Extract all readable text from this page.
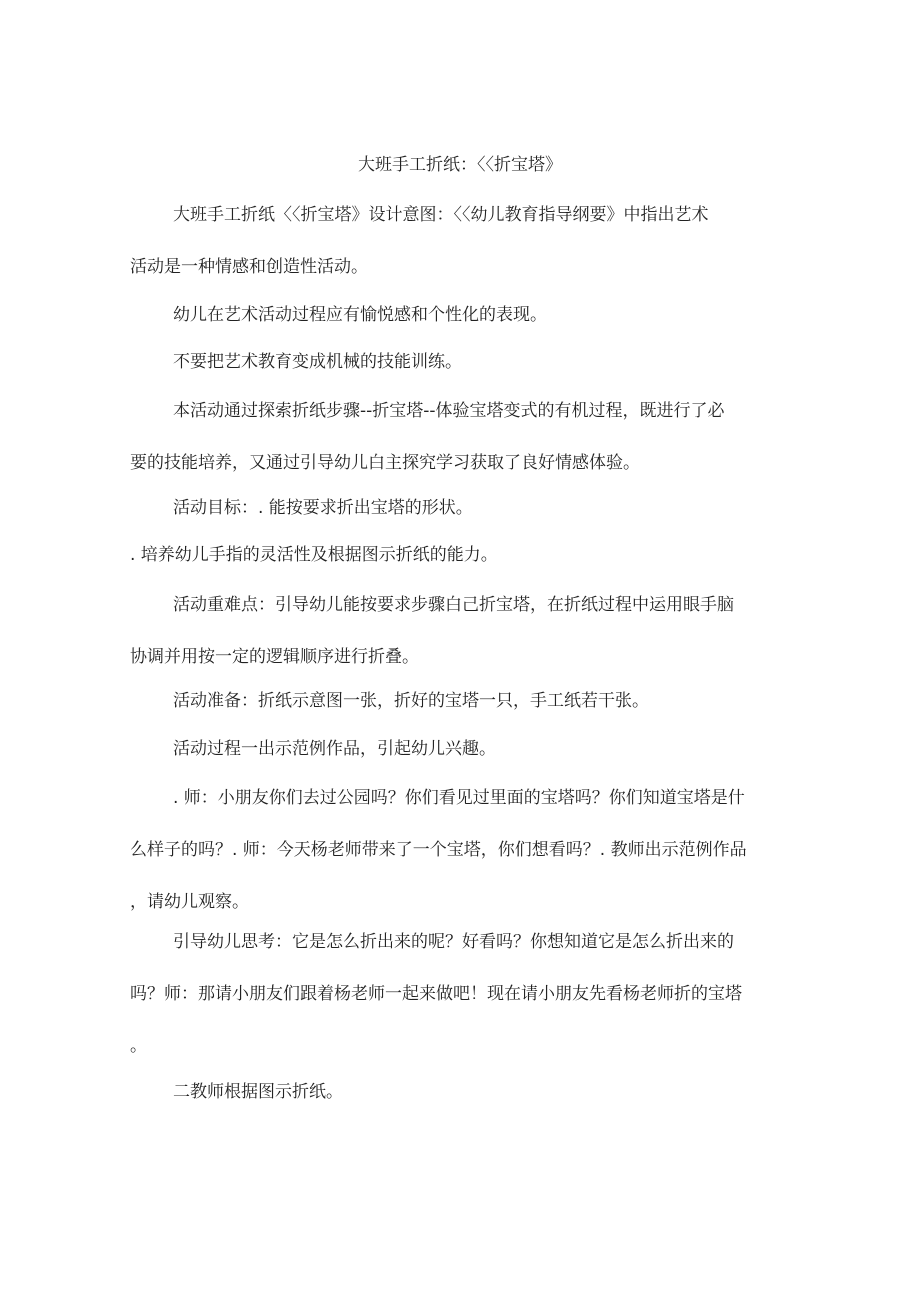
大班手工折纸：〈〈折宝塔》
大班手工折纸〈〈折宝塔》设计意图：〈〈幼儿教育指导纲要》中指出艺术
活动是一种情感和创造性活动。
幼儿在艺术活动过程应有愉悦感和个性化的表现。
不要把艺术教育变成机械的技能训练。
本活动通过探索折纸步骤--折宝塔--体验宝塔变式的有机过程，既进行了必
要的技能培养，又通过引导幼儿白主探究学习获取了良好情感体验。
活动目标：. 能按要求折出宝塔的形状。
. 培养幼儿手指的灵活性及根据图示折纸的能力。
活动重难点：引导幼儿能按要求步骤白己折宝塔，在折纸过程中运用眼手脑
协调并用按一定的逻辑顺序进行折叠。
活动准备：折纸示意图一张，折好的宝塔一只，手工纸若干张。
活动过程一出示范例作品，引起幼儿兴趣。
. 师：小朋友你们去过公园吗？你们看见过里面的宝塔吗？你们知道宝塔是什
么样子的吗？. 师：今天杨老师带来了一个宝塔，你们想看吗？. 教师出示范例作品
，请幼儿观察。
引导幼儿思考：它是怎么折出来的呢？好看吗？你想知道它是怎么折出来的
吗？师：那请小朋友们跟着杨老师一起来做吧！现在请小朋友先看杨老师折的宝塔
。
二教师根据图示折纸。
